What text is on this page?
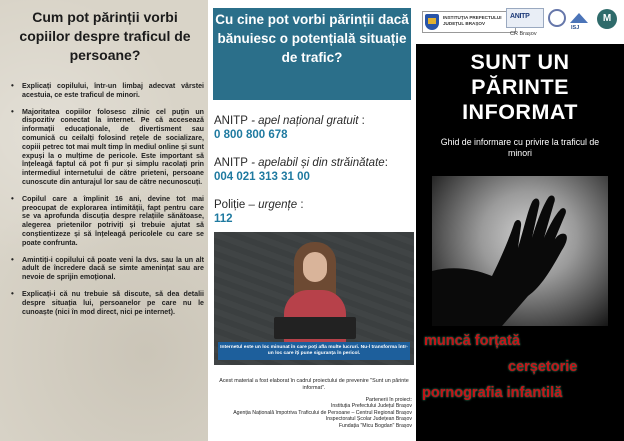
Cum pot părinții vorbi copiilor despre traficul de persoane?
• Explicați copilului, într-un limbaj adecvat vârstei acestuia, ce este traficul de minori.
• Majoritatea copiilor folosesc zilnic cel puțin un dispozitiv conectat la internet. Pe că accesează informații educaționale, de divertisment sau comunică cu ceilalți folosind rețele de socializare, copiii petrec tot mai mult timp în mediul online și sunt expuși la o mulțime de pericole. Este important să înțeleagă faptul că pot fi pur și simplu racolați prin intermediul internetului de către prieteni, persoane cunoscute din anturajul lor sau de către necunoscuți.
• Copilul care a împlinit 16 ani, devine tot mai preocupat de explorarea intimității, fapt pentru care se va aprofunda discuția despre relațiile sănătoase, alegerea prietenilor potriviți și trebuie ajutat să conștientizeze și să înțeleagă pericolele cu care se poate confrunta.
• Amintiți-i copilului că poate veni la dvs. sau la un alt adult de încredere dacă se simte amenințat sau are nevoie de sprijin emoțional.
• Explicați-i că nu trebuie să discute, să dea detalii despre situația lui, persoanelor pe care nu le cunoaște (nici în mod direct, nici pe internet).
Cu cine pot vorbi părinții dacă bănuiesc o potențială situație de trafic?
ANITP - apel național gratuit :
0 800 800 678
ANITP - apelabil și din străinătate:
004 021 313 31 00
Poliție – urgențe :
112
Internetul este un loc minunat în care poți afla multe lucruri. Nu-l transforma într-un loc care îți pune siguranța în pericol.
Acest material a fost elaborat în cadrul proiectului de prevenire "Sunt un părinte informat".
Partenerii în proiect:
Instituția Prefectului Județul Brașov
Agenția Națională împotriva Traficului de Persoane – Centrul Regional Brașov
Inspectoratul Școlar Județean Brașov
Fundația "Micu Bogdan" Brașov
INSTITUȚIA PREFECTULUI JUDEȚUL BRAȘOV
ANITP
CR Brașov
ISJ
M
SUNT UN PĂRINTE INFORMAT
Ghid de informare cu privire la traficul de minori
muncă forțată
cerșetorie
pornografia infantilă
